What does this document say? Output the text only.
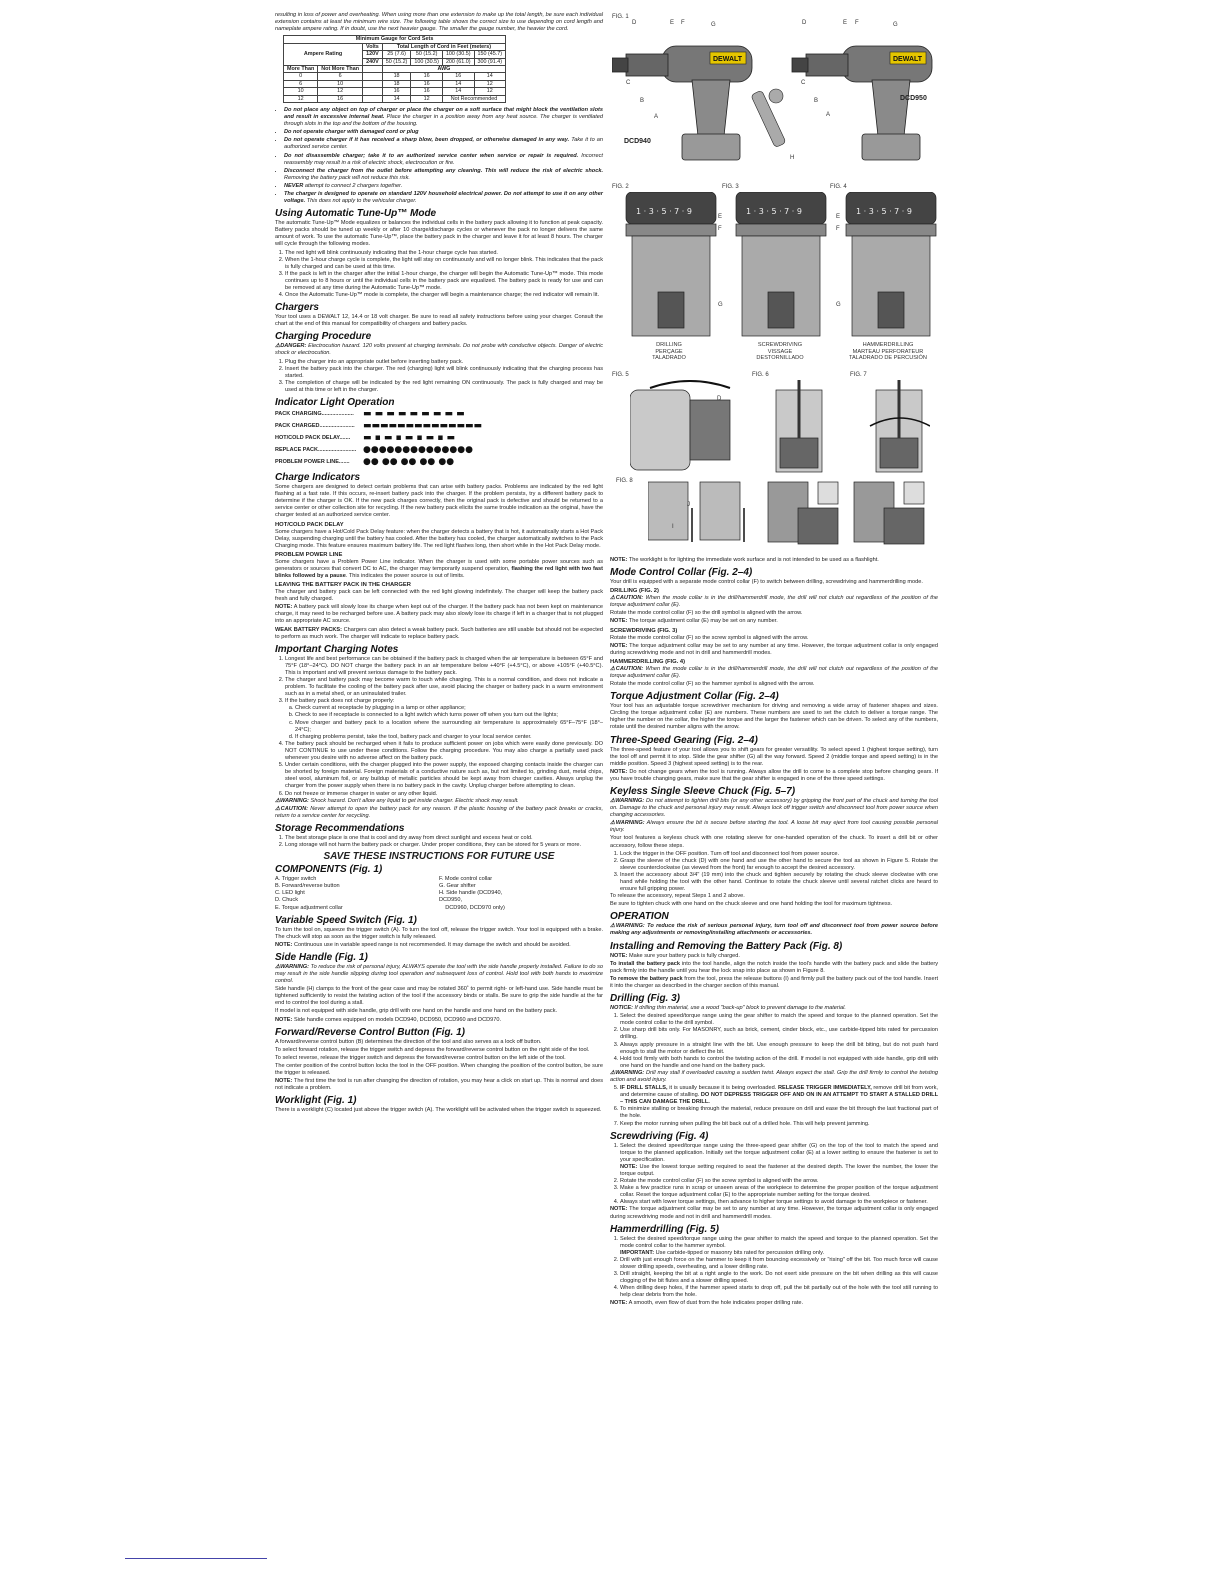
resulting in loss of power and overheating. When using more than one extension to make up the total length, be sure each individual extension contains at least the minimum wire size. The following table shows the correct size to use depending on cord length and nameplate ampere rating. If in doubt, use the next heavier gauge. The smaller the gauge number, the heavier the cord.

Minimum Gauge for Cord Sets						
Ampere Rating		Volts	Total Length of Cord in Feet (meters)			
		120V	25 (7.6)	50 (15.2)	100 (30.5)	150 (45.7)
		240V	50 (15.2)	100 (30.5)	200 (61.0)	300 (91.4)
More Than	Not More Than		AWG			
0	6		18	16	16	14
6	10		18	16	14	12
10	12		16	16	14	12
12	16		14	12	Not Recommended	
• Do not place any object on top of charger or place the charger on a soft surface that might block the ventilation slots and result in excessive internal heat. Place the charger in a position away from any heat source. The charger is ventilated through slots in the top and the bottom of the housing.
• Do not operate charger with damaged cord or plug
• Do not operate charger if it has received a sharp blow, been dropped, or otherwise damaged in any way. Take it to an authorized service center.
• Do not disassemble charger; take it to an authorized service center when service or repair is required. Incorrect reassembly may result in a risk of electric shock, electrocution or fire.
• Disconnect the charger from the outlet before attempting any cleaning. This will reduce the risk of electric shock. Removing the battery pack will not reduce this risk.
• NEVER attempt to connect 2 chargers together.
• The charger is designed to operate on standard 120V household electrical power. Do not attempt to use it on any other voltage. This does not apply to the vehicular charger.
Using Automatic Tune-Up™ Mode

The automatic Tune-Up™ Mode equalizes or balances the individual cells in the battery pack allowing it to function at peak capacity. Battery packs should be tuned up weekly or after 10 charge/discharge cycles or whenever the pack no longer delivers the same amount of work. To use the automatic Tune-Up™, place the battery pack in the charger and leave it for at least 8 hours. The charger will cycle through the following modes.

1. The red light will blink continuously indicating that the 1-hour charge cycle has started.
2. When the 1-hour charge cycle is complete, the light will stay on continuously and will no longer blink. This indicates that the pack is fully charged and can be used at this time.
3. If the pack is left in the charger after the initial 1-hour charge, the charger will begin the Automatic Tune-Up™ mode. This mode continues up to 8 hours or until the individual cells in the battery pack are equalized. The battery pack is ready for use and can be removed at any time during the Automatic Tune-Up™ mode.
4. Once the Automatic Tune-Up™ mode is complete, the charger will begin a maintenance charge; the red indicator will remain lit.
Chargers

Your tool uses a DEWALT 12, 14.4 or 18 volt charger. Be sure to read all safety instructions before using your charger. Consult the chart at the end of this manual for compatibility of chargers and battery packs.

Charging Procedure

⚠DANGER: Electrocution hazard. 120 volts present at charging terminals. Do not probe with conductive objects. Danger of electric shock or electrocution.

1. Plug the charger into an appropriate outlet before inserting battery pack.
2. Insert the battery pack into the charger. The red (charging) light will blink continuously indicating that the charging process has started.
3. The completion of charge will be indicated by the red light remaining ON continuously. The pack is fully charged and may be used at this time or left in the charger.
Indicator Light Operation
PACK CHARGING.....................	▬ ▬ ▬ ▬ ▬ ▬ ▬ ▬ ▬
PACK CHARGED....................... ▬▬▬▬▬▬▬▬▬▬▬▬▬▬
HOT/COLD PACK DELAY.......	▬ ▪ ▬ ▪ ▬ ▪ ▬ ▪ ▬
REPLACE PACK......................... ●●●●●●●●●●●●●●
PROBLEM POWER LINE.......	●● ●● ●● ●● ●●
Charge Indicators

Some chargers are designed to detect certain problems that can arise with battery packs. Problems are indicated by the red light flashing at a fast rate. If this occurs, re-insert battery pack into the charger. If the problem persists, try a different battery pack to determine if the charger is OK. If the new pack charges correctly, then the original pack is defective and should be returned to a service center or other collection site for recycling. If the new battery pack elicits the same trouble indication as the original, have the charger tested at an authorized service center.

HOT/COLD PACK DELAY

Some chargers have a Hot/Cold Pack Delay feature: when the charger detects a battery that is hot, it automatically starts a Hot Pack Delay, suspending charging until the battery has cooled. After the battery has cooled, the charger automatically switches to the Pack Charging mode. This feature ensures maximum battery life. The red light flashes long, then short while in the Hot Pack Delay mode.

PROBLEM POWER LINE

Some chargers have a Problem Power Line indicator. When the charger is used with some portable power sources such as generators or sources that convert DC to AC, the charger may temporarily suspend operation, flashing the red light with two fast blinks followed by a pause. This indicates the power source is out of limits.

LEAVING THE BATTERY PACK IN THE CHARGER

The charger and battery pack can be left connected with the red light glowing indefinitely. The charger will keep the battery pack fresh and fully charged.

NOTE: A battery pack will slowly lose its charge when kept out of the charger. If the battery pack has not been kept on maintenance charge, it may need to be recharged before use. A battery pack may also slowly lose its charge if left in a charger that is not plugged into an appropriate AC source.

WEAK BATTERY PACKS: Chargers can also detect a weak battery pack. Such batteries are still usable but should not be expected to perform as much work. The charger will indicate to replace battery pack.

Important Charging Notes
1. Longest life and best performance can be obtained if the battery pack is charged when the air temperature is between 65°F and 75°F (18°–24°C). DO NOT charge the battery pack in an air temperature below +40°F (+4.5°C), or above +105°F (+40.5°C). This is important and will prevent serious damage to the battery pack.
2. The charger and battery pack may become warm to touch while charging. This is a normal condition, and does not indicate a problem. To facilitate the cooling of the battery pack after use, avoid placing the charger or battery pack in a warm environment such as in a metal shed, or an uninsulated trailer.
3. If the battery pack does not charge properly:
a. Check current at receptacle by plugging in a lamp or other appliance;
b. Check to see if receptacle is connected to a light switch which turns power off when you turn out the lights;
c. Move charger and battery pack to a location where the surrounding air temperature is approximately 65°F–75°F (18°– 24°C);
d. If charging problems persist, take the tool, battery pack and charger to your local service center.
4. The battery pack should be recharged when it fails to produce sufficient power on jobs which were easily done previously. DO NOT CONTINUE to use under these conditions. Follow the charging procedure. You may also charge a partially used pack whenever you desire with no adverse affect on the battery pack.
5. Under certain conditions, with the charger plugged into the power supply, the exposed charging contacts inside the charger can be shorted by foreign material. Foreign materials of a conductive nature such as, but not limited to, grinding dust, metal chips, steel wool, aluminum foil, or any buildup of metallic particles should be kept away from charger cavities. Always unplug the charger from the power supply when there is no battery pack in the cavity. Unplug charger before attempting to clean.
6. Do not freeze or immerse charger in water or any other liquid.

⚠WARNING: Shock hazard. Don't allow any liquid to get inside charger. Electric shock may result.

⚠CAUTION: Never attempt to open the battery pack for any reason. If the plastic housing of the battery pack breaks or cracks, return to a service center for recycling.

Storage Recommendations
1. The best storage place is one that is cool and dry away from direct sunlight and excess heat or cold.
2. Long storage will not harm the battery pack or charger. Under proper conditions, they can be stored for 5 years or more.
SAVE THESE INSTRUCTIONS FOR FUTURE USE
COMPONENTS (Fig. 1)
A. Trigger switch
B. Forward/reverse button
C. LED light
D. Chuck
E. Torque adjustment collar
F. Mode control collar
G. Gear shifter
H. Side handle (DCD940, DCD950,
DCD960, DCD970 only)
Variable Speed Switch (Fig. 1)

To turn the tool on, squeeze the trigger switch (A). To turn the tool off, release the trigger switch. Your tool is equipped with a brake. The chuck will stop as soon as the trigger switch is fully released.

NOTE: Continuous use in variable speed range is not recommended. It may damage the switch and should be avoided.

Side Handle (Fig. 1)

⚠WARNING: To reduce the risk of personal injury, ALWAYS operate the tool with the side handle properly installed. Failure to do so may result in the side handle slipping during tool operation and subsequent loss of control. Hold tool with both hands to maximize control.

Side handle (H) clamps to the front of the gear case and may be rotated 360˚ to permit right- or left-hand use. Side handle must be tightened sufficiently to resist the twisting action of the tool if the accessory binds or stalls. Be sure to grip the side handle at the far end to control the tool during a stall.

If model is not equipped with side handle, grip drill with one hand on the handle and one hand on the battery pack.

NOTE: Side handle comes equipped on models DCD940, DCD950, DCD960 and DCD970.

Forward/Reverse Control Button (Fig. 1)

A forward/reverse control button (B) determines the direction of the tool and also serves as a lock off button.

To select forward rotation, release the trigger switch and depress the forward/reverse control button on the right side of the tool.

To select reverse, release the trigger switch and depress the forward/reverse control button on the left side of the tool.

The center position of the control button locks the tool in the OFF position. When changing the position of the control button, be sure the trigger is released.

NOTE: The first time the tool is run after changing the direction of rotation, you may hear a click on start up. This is normal and does not indicate a problem.

Worklight (Fig. 1)

There is a worklight (C) located just above the trigger switch (A). The worklight will be activated when the trigger switch is squeezed.

FIG. 1
DEWALT	DEWALT
D	E F	G
C
B
A
D	E F	G
C
B
A
H
DCD940
DCD950
FIG. 2	FIG. 3	FIG. 4
1 · 3 · 5 · 7 · 9	1 · 3 · 5 · 7 · 9	1 · 3 · 5 · 7 · 9
E
F
G
E
F
G
DRILLING
PERÇAGE
TALADRADO
SCREWDRIVING
VISSAGE
DESTORNILLADO
HAMMERDRILLING
MARTEAU PERFORATEUR
TALADRADO DE PERCUSIÓN
FIG. 5	FIG. 6	FIG. 7
D
FIG. 8
J
I

NOTE: The worklight is for lighting the immediate work surface and is not intended to be used as a flashlight.

Mode Control Collar (Fig. 2–4)

Your drill is equipped with a separate mode control collar (F) to switch between drilling, screwdriving and hammerdrilling mode.

DRILLING (FIG. 2)

⚠CAUTION: When the mode collar is in the drill/hammerdrill mode, the drill will not clutch out regardless of the position of the torque adjustment collar (E).

Rotate the mode control collar (F) so the drill symbol is aligned with the arrow.

NOTE: The torque adjustment collar (E) may be set on any number.

SCREWDRIVING (FIG. 3)

Rotate the mode control collar (F) so the screw symbol is aligned with the arrow.

NOTE: The torque adjustment collar may be set to any number at any time. However, the torque adjustment collar is only engaged during screwdriving mode and not in drill and hammerdrill modes.

HAMMERDRILLING (FIG. 4)

⚠CAUTION: When the mode collar is in the drill/hammerdrill mode, the drill will not clutch out regardless of the position of the torque adjustment collar (E).

Rotate the mode control collar (F) so the hammer symbol is aligned with the arrow.

Torque Adjustment Collar (Fig. 2–4)

Your tool has an adjustable torque screwdriver mechanism for driving and removing a wide array of fastener shapes and sizes. Circling the torque adjustment collar (E) are numbers. These numbers are used to set the clutch to deliver a torque range. The higher the number on the collar, the higher the torque and the larger the fastener which can be driven. To select any of the numbers, rotate until the desired number aligns with the arrow.

Three-Speed Gearing (Fig. 2–4)

The three-speed feature of your tool allows you to shift gears for greater versatility. To select speed 1 (highest torque setting), turn the tool off and permit it to stop. Slide the gear shifter (G) all the way forward. Speed 2 (middle torque and speed setting) is in the middle position. Speed 3 (highest speed setting) is to the rear.

NOTE: Do not change gears when the tool is running. Always allow the drill to come to a complete stop before changing gears. If you have trouble changing gears, make sure that the gear shifter is engaged in one of the three speed settings.

Keyless Single Sleeve Chuck (Fig. 5–7)

⚠WARNING: Do not attempt to tighten drill bits (or any other accessory) by gripping the front part of the chuck and turning the tool on. Damage to the chuck and personal injury may result. Always lock off trigger switch and disconnect tool from power source when changing accessories.

⚠WARNING: Always ensure the bit is secure before starting the tool. A loose bit may eject from tool causing possible personal injury.

Your tool features a keyless chuck with one rotating sleeve for one-handed operation of the chuck. To insert a drill bit or other accessory, follow these steps.

1. Lock the trigger in the OFF position. Turn off tool and disconnect tool from power source.
2. Grasp the sleeve of the chuck (D) with one hand and use the other hand to secure the tool as shown in Figure 5. Rotate the sleeve counterclockwise (as viewed from the front) far enough to accept the desired accessory.
3. Insert the accessory about 3/4" (19 mm) into the chuck and tighten securely by rotating the chuck sleeve clockwise with one hand while holding the tool with the other hand. Continue to rotate the chuck sleeve until several ratchet clicks are heard to ensure full gripping power.

To release the accessory, repeat Steps 1 and 2 above.

Be sure to tighten chuck with one hand on the chuck sleeve and one hand holding the tool for maximum tightness.

OPERATION

⚠WARNING: To reduce the risk of serious personal injury, turn tool off and disconnect tool from power source before making any adjustments or removing/installing attachments or accessories.

Installing and Removing the Battery Pack (Fig. 8)

NOTE: Make sure your battery pack is fully charged.

To install the battery pack into the tool handle, align the notch inside the tool's handle with the battery pack and slide the battery pack firmly into the handle until you hear the lock snap into place as shown in Figure 8.

To remove the battery pack from the tool, press the release buttons (I) and firmly pull the battery pack out of the tool handle. Insert it into the charger as described in the charger section of this manual.

Drilling (Fig. 3)

NOTICE: If drilling thin material, use a wood "back-up" block to prevent damage to the material.

1. Select the desired speed/torque range using the gear shifter to match the speed and torque to the planned operation. Set the mode control collar to the drill symbol.
2. Use sharp drill bits only. For MASONRY, such as brick, cement, cinder block, etc., use carbide-tipped bits rated for percussion drilling.
3. Always apply pressure in a straight line with the bit. Use enough pressure to keep the drill bit biting, but do not push hard enough to stall the motor or deflect the bit.
4. Hold tool firmly with both hands to control the twisting action of the drill. If model is not equipped with side handle, grip drill with one hand on the handle and one hand on the battery pack.

⚠WARNING: Drill may stall if overloaded causing a sudden twist. Always expect the stall. Grip the drill firmly to control the twisting action and avoid injury.

5. IF DRILL STALLS, it is usually because it is being overloaded. RELEASE TRIGGER IMMEDIATELY, remove drill bit from work, and determine cause of stalling. DO NOT DEPRESS TRIGGER OFF AND ON IN AN ATTEMPT TO START A STALLED DRILL – THIS CAN DAMAGE THE DRILL.
6. To minimize stalling or breaking through the material, reduce pressure on drill and ease the bit through the last fractional part of the hole.
7. Keep the motor running when pulling the bit back out of a drilled hole. This will help prevent jamming.
Screwdriving (Fig. 4)
1. Select the desired speed/torque range using the three-speed gear shifter (G) on the top of the tool to match the speed and torque to the planned application. Initially set the torque adjustment collar (E) at a lower setting to ensure the fastener is set to your specification.
NOTE: Use the lowest torque setting required to seat the fastener at the desired depth. The lower the number, the lower the torque output.
2. Rotate the mode control collar (F) so the screw symbol is aligned with the arrow.
3. Make a few practice runs in scrap or unseen areas of the workpiece to determine the proper position of the torque adjustment collar. Reset the torque adjustment collar (E) to the appropriate number setting for the torque desired.
4. Always start with lower torque settings, then advance to higher torque settings to avoid damage to the workpiece or fastener.

NOTE: The torque adjustment collar may be set to any number at any time. However, the torque adjustment collar is only engaged during screwdriving mode and not in drill and hammerdrill modes.

Hammerdrilling (Fig. 5)
1. Select the desired speed/torque range using the gear shifter to match the speed and torque to the planned operation. Set the mode control collar to the hammer symbol.
IMPORTANT: Use carbide-tipped or masonry bits rated for percussion drilling only.
2. Drill with just enough force on the hammer to keep it from bouncing excessively or "rising" off the bit. Too much force will cause slower drilling speeds, overheating, and a lower drilling rate.
3. Drill straight, keeping the bit at a right angle to the work. Do not exert side pressure on the bit when drilling as this will cause clogging of the bit flutes and a slower drilling speed.
4. When drilling deep holes, if the hammer speed starts to drop off, pull the bit partially out of the hole with the tool still running to help clear debris from the hole.

NOTE: A smooth, even flow of dust from the hole indicates proper drilling rate.
